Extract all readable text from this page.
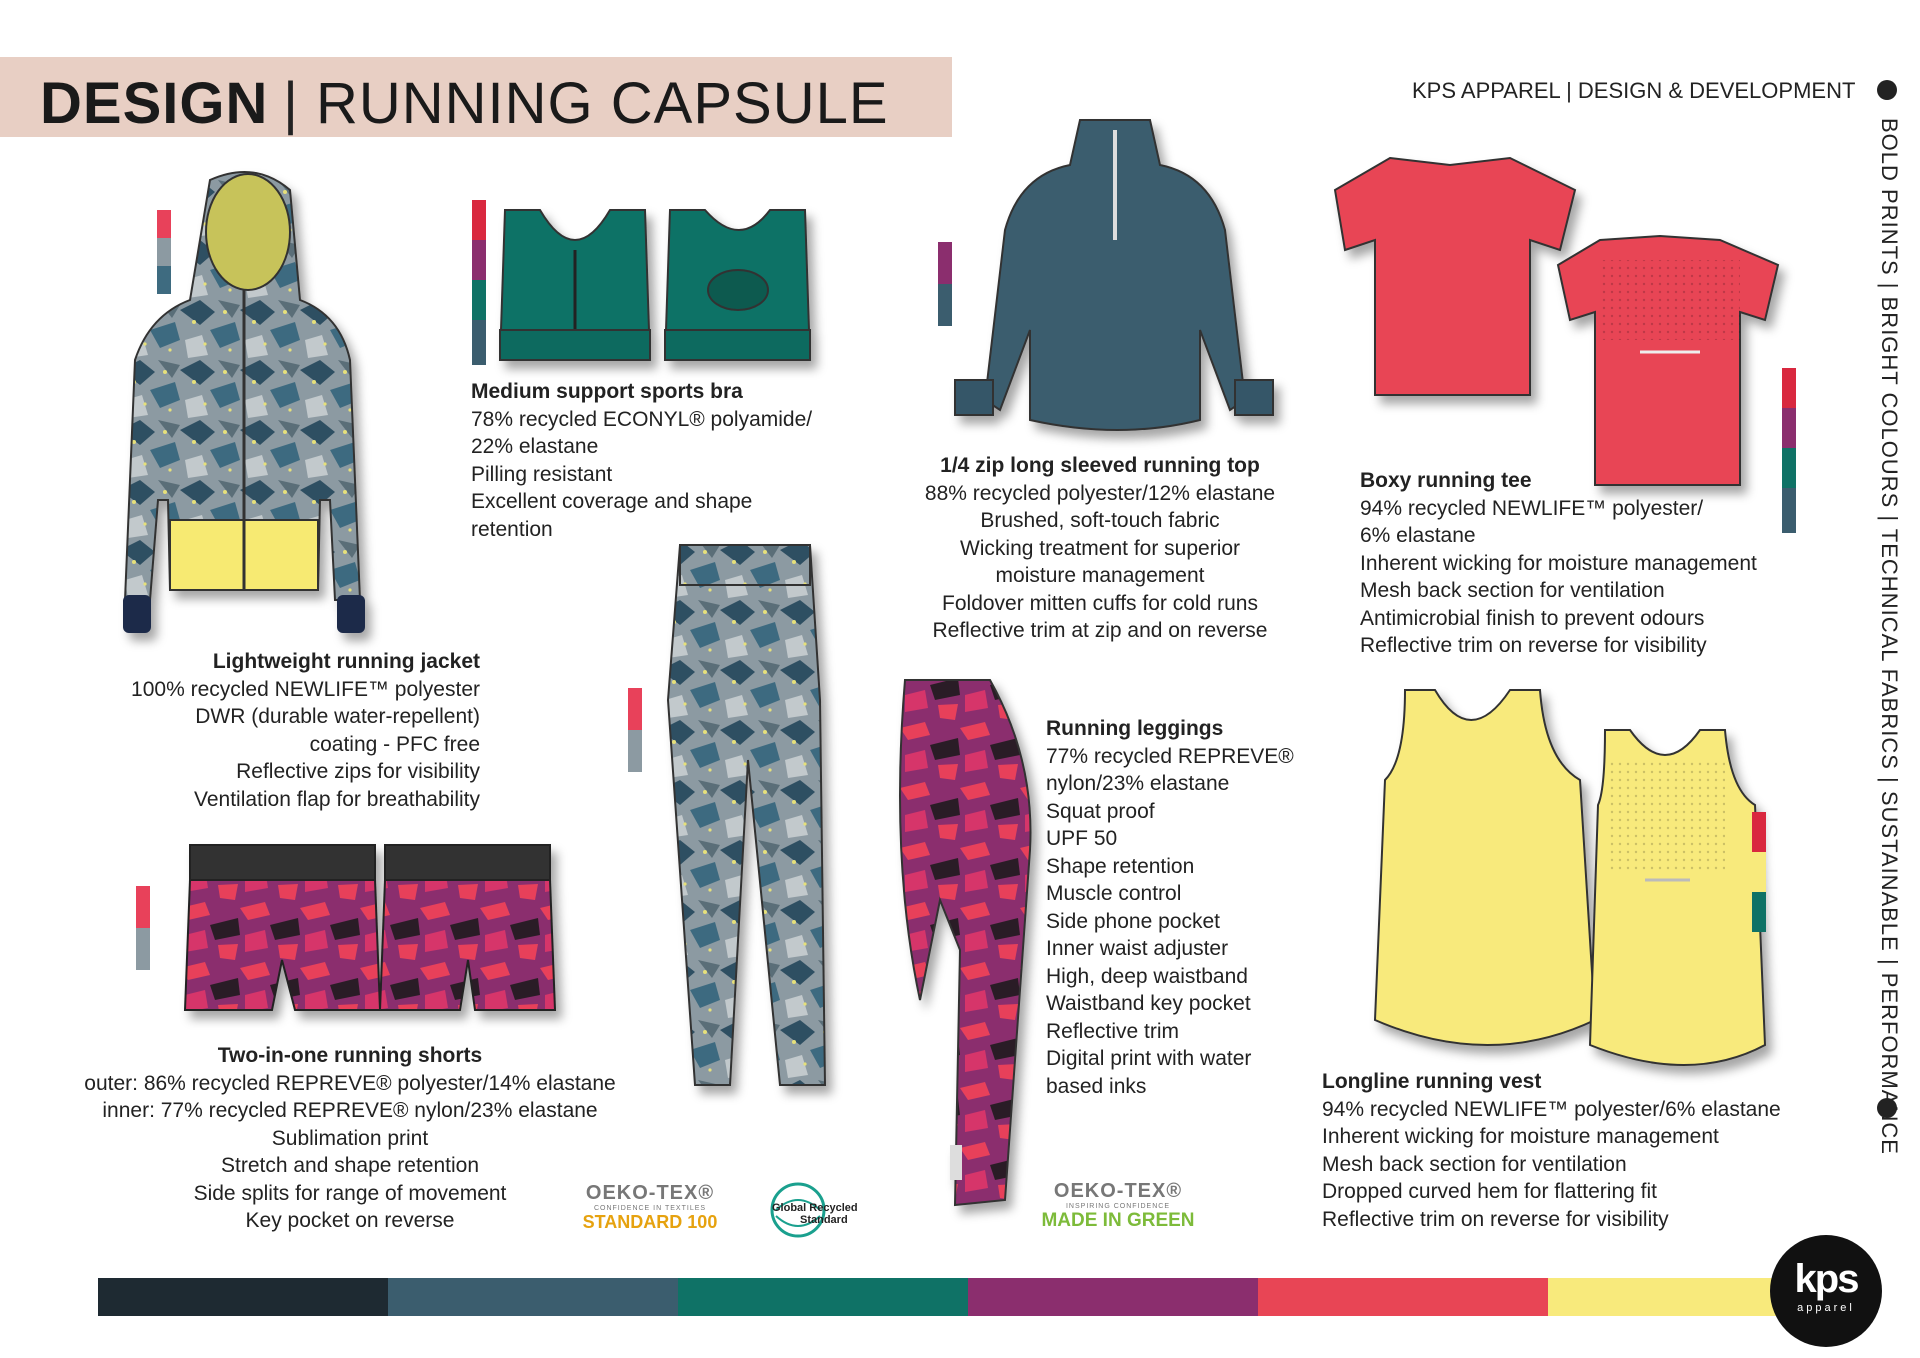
DESIGN | RUNNING CAPSULE	KPS APPAREL | DESIGN & DEVELOPMENT
BOLD PRINTS | BRIGHT COLOURS | TECHNICAL FABRICS | SUSTAINABLE | PERFORMANCE
Lightweight running jacket
100% recycled NEWLIFE™ polyester
DWR (durable water-repellent)
coating - PFC free
Reflective zips for visibility
Ventilation flap for breathability
Medium support sports bra
78% recycled ECONYL® polyamide/
22% elastane
Pilling resistant
Excellent coverage and shape
retention
1/4 zip long sleeved running top
88% recycled polyester/12% elastane
Brushed, soft-touch fabric
Wicking treatment for superior
moisture management
Foldover mitten cuffs for cold runs
Reflective trim at zip and on reverse
Boxy running tee
94% recycled NEWLIFE™ polyester/
6% elastane
Inherent wicking for moisture management
Mesh back section for ventilation
Antimicrobial finish to prevent odours
Reflective trim on reverse for visibility
Running leggings
77% recycled REPREVE®
nylon/23% elastane
Squat proof
UPF 50
Shape retention
Muscle control
Side phone pocket
Inner waist adjuster
High, deep waistband
Waistband key pocket
Reflective trim
Digital print with water
based inks
Two-in-one running shorts
outer: 86% recycled REPREVE® polyester/14% elastane
inner: 77% recycled REPREVE® nylon/23% elastane
Sublimation print
Stretch and shape retention
Side splits for range of movement
Key pocket on reverse
Longline running vest
94% recycled NEWLIFE™ polyester/6% elastane
Inherent wicking for moisture management
Mesh back section for ventilation
Dropped curved hem for flattering fit
Reflective trim on reverse for visibility
OEKO-TEX®
CONFIDENCE IN TEXTILES
STANDARD 100
Global Recycled
Standard
OEKO-TEX®
INSPIRING CONFIDENCE
MADE IN GREEN
kps
apparel
